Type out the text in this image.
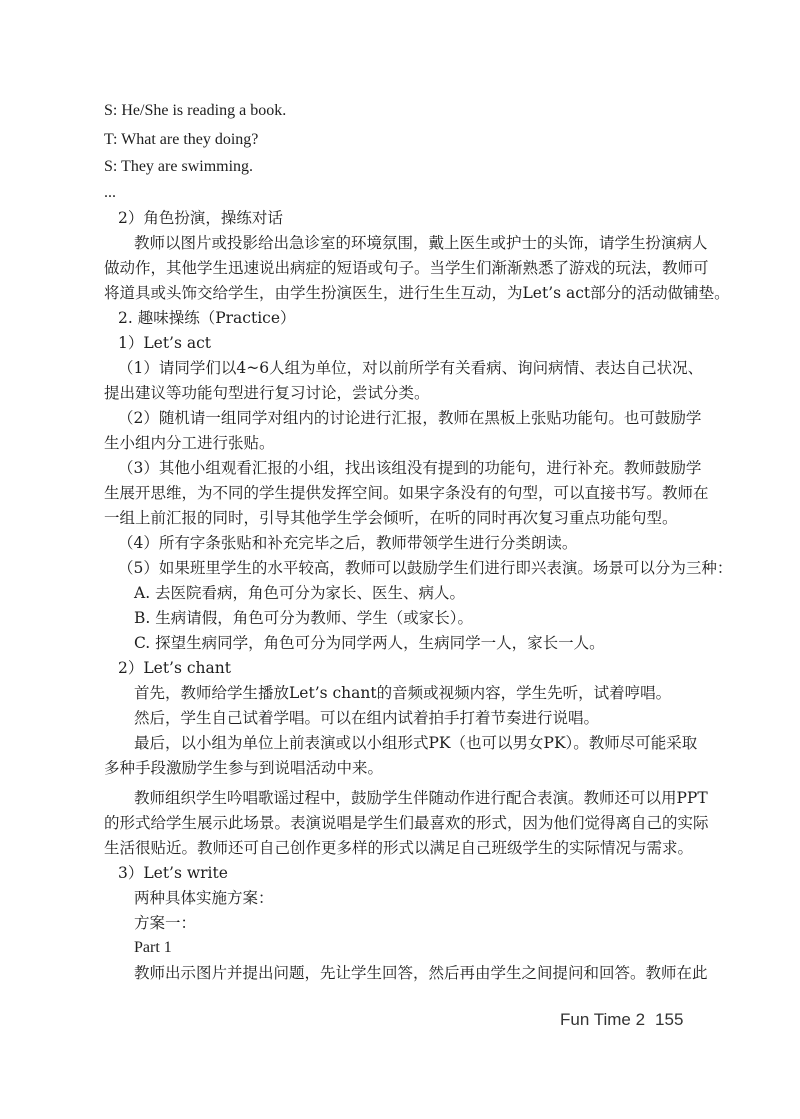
S: He/She is reading a book.
T: What are they doing?
S: They are swimming.
...
2）角色扮演，操练对话
教师以图片或投影给出急诊室的环境氛围，戴上医生或护士的头饰，请学生扮演病人
做动作，其他学生迅速说出病症的短语或句子。当学生们渐渐熟悉了游戏的玩法，教师可
将道具或头饰交给学生，由学生扮演医生，进行生生互动，为Let’s act部分的活动做铺垫。
2. 趣味操练（Practice）
1）Let’s act
（1）请同学们以4~6人组为单位，对以前所学有关看病、询问病情、表达自己状况、
提出建议等功能句型进行复习讨论，尝试分类。
（2）随机请一组同学对组内的讨论进行汇报，教师在黑板上张贴功能句。也可鼓励学
生小组内分工进行张贴。
（3）其他小组观看汇报的小组，找出该组没有提到的功能句，进行补充。教师鼓励学
生展开思维，为不同的学生提供发挥空间。如果字条没有的句型，可以直接书写。教师在
一组上前汇报的同时，引导其他学生学会倾听，在听的同时再次复习重点功能句型。
（4）所有字条张贴和补充完毕之后，教师带领学生进行分类朗读。
（5）如果班里学生的水平较高，教师可以鼓励学生们进行即兴表演。场景可以分为三种：
A. 去医院看病，角色可分为家长、医生、病人。
B. 生病请假，角色可分为教师、学生（或家长）。
C. 探望生病同学，角色可分为同学两人，生病同学一人，家长一人。
2）Let’s chant
首先，教师给学生播放Let’s chant的音频或视频内容，学生先听，试着哼唱。
然后，学生自己试着学唱。可以在组内试着拍手打着节奏进行说唱。
最后，以小组为单位上前表演或以小组形式PK（也可以男女PK）。教师尽可能采取
多种手段激励学生参与到说唱活动中来。
教师组织学生吟唱歌谣过程中，鼓励学生伴随动作进行配合表演。教师还可以用PPT
的形式给学生展示此场景。表演说唱是学生们最喜欢的形式，因为他们觉得离自己的实际
生活很贴近。教师还可自己创作更多样的形式以满足自己班级学生的实际情况与需求。
3）Let’s write
两种具体实施方案：
方案一：
Part 1
教师出示图片并提出问题，先让学生回答，然后再由学生之间提问和回答。教师在此
Fun Time 2 155
